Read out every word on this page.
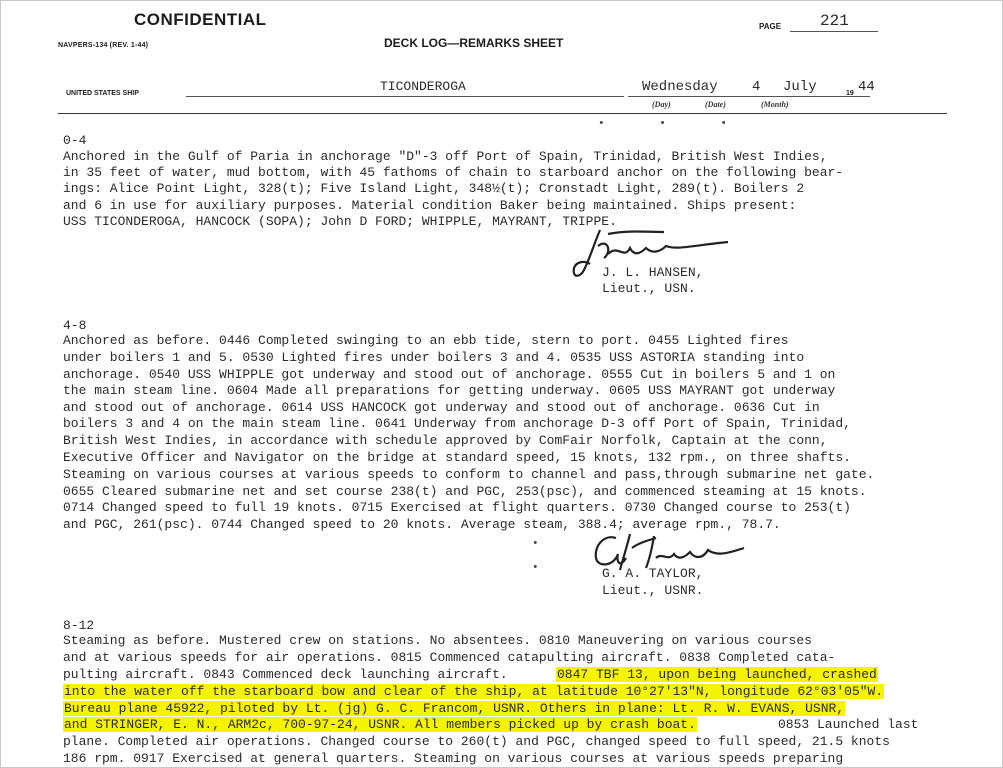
CONFIDENTIAL
NAVPERS-134 (REV. 1-44)	DECK LOG—REMARKS SHEET
PAGE 221
UNITED STATES SHIP	TICONDEROGA	Wednesday 4 July	19 44
(Day)	(Date)	(Month)
• • •
0-4
Anchored in the Gulf of Paria in anchorage "D"-3 off Port of Spain, Trinidad, British West Indies,
in 35 feet of water, mud bottom, with 45 fathoms of chain to starboard anchor on the following bear-
ings: Alice Point Light, 328(t); Five Island Light, 348½(t); Cronstadt Light, 289(t). Boilers 2
and 6 in use for auxiliary purposes. Material condition Baker being maintained. Ships present:
USS TICONDEROGA, HANCOCK (SOPA); John D FORD; WHIPPLE, MAYRANT, TRIPPE.
J. L. HANSEN,
Lieut., USN.
4-8
Anchored as before. 0446 Completed swinging to an ebb tide, stern to port. 0455 Lighted fires
under boilers 1 and 5. 0530 Lighted fires under boilers 3 and 4. 0535 USS ASTORIA standing into
anchorage. 0540 USS WHIPPLE got underway and stood out of anchorage. 0555 Cut in boilers 5 and 1 on
the main steam line. 0604 Made all preparations for getting underway. 0605 USS MAYRANT got underway
and stood out of anchorage. 0614 USS HANCOCK got underway and stood out of anchorage. 0636 Cut in
boilers 3 and 4 on the main steam line. 0641 Underway from anchorage D-3 off Port of Spain, Trinidad,
British West Indies, in accordance with schedule approved by ComFair Norfolk, Captain at the conn,
Executive Officer and Navigator on the bridge at standard speed, 15 knots, 132 rpm., on three shafts.
Steaming on various courses at various speeds to conform to channel and pass,through submarine net gate.
0655 Cleared submarine net and set course 238(t) and PGC, 253(psc), and commenced steaming at 15 knots.
0714 Changed speed to full 19 knots. 0715 Exercised at flight quarters. 0730 Changed course to 253(t)
and PGC, 261(psc). 0744 Changed speed to 20 knots. Average steam, 388.4; average rpm., 78.7.
G. A. TAYLOR,
Lieut., USNR.
•

•
8-12
Steaming as before. Mustered crew on stations. No absentees. 0810 Maneuvering on various courses
and at various speeds for air operations. 0815 Commenced catapulting aircraft. 0838 Completed cata-
pulting aircraft. 0843 Commenced deck launching aircraft.	0847 TBF 13, upon being launched, crashed
into the water off the starboard bow and clear of the ship, at latitude 10°27'13"N, longitude 62°03'05"W.
Bureau plane 45922, piloted by Lt. (jg) G. C. Francom, USNR. Others in plane: Lt. R. W. EVANS, USNR,
and STRINGER, E. N., ARM2c, 700-97-24, USNR. All members picked up by crash boat.	0853 Launched last
plane. Completed air operations. Changed course to 260(t) and PGC, changed speed to full speed, 21.5 knots
186 rpm. 0917 Exercised at general quarters. Steaming on various courses at various speeds preparing
